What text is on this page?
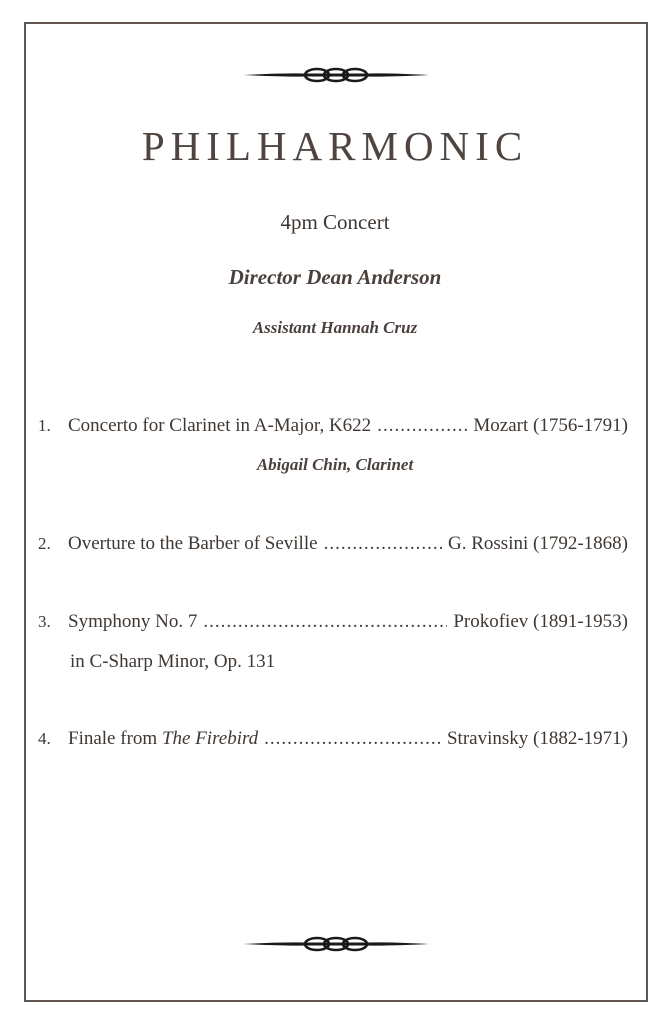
PHILHARMONIC
4pm Concert
Director Dean Anderson
Assistant Hannah Cruz
1. Concerto for Clarinet in A-Major, K622 .....	Mozart (1756-1791)
Abigail Chin, Clarinet
2. Overture to the Barber of Seville .....	G. Rossini (1792-1868)
3. Symphony No. 7 .....	Prokofiev (1891-1953)
in C-Sharp Minor, Op. 131
4. Finale from The Firebird .....	Stravinsky (1882-1971)
